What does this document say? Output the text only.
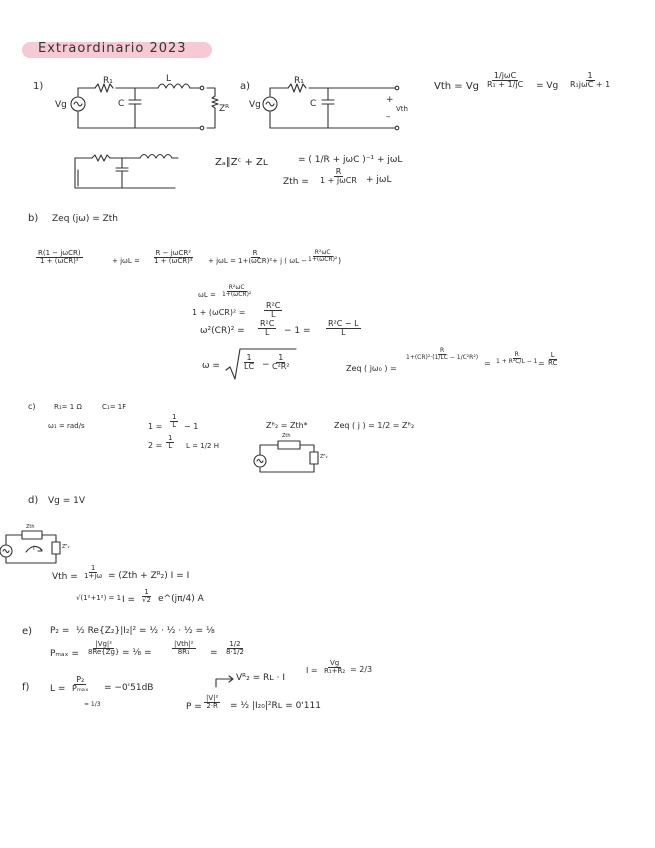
Extraordinario 2023
1)	R₁	L
C
Vg	Zᴿ
a)
Vg
R₁
C	+
Vth
–
Vth = Vg
1/jωC
R₁ + 1/jC = Vg
1
R₁jωC + 1
Zₐ∥Zᶜ + Zʟ	= ( 1/R + jωC )⁻¹ + jωL
Zth =
R
1 + jωCR + jωL
b) Zeq (jω) = Zth
R(1 − jωCR)
1 + (ωCR)²	+ jωL =
R − jωCR²
1 + (ωCR)² + jωL =
R
1+(ωCR)² + j ( ωL −
R²ωC
1+(ωCR)² )
ωL =
R²ωC
1+(ωCR)²
$1 + (\omega CR)^2 = \frac{\text{R²C}}{L}$
$\omega^2(CR)^2 = \frac{\text{R²C}}{L} - 1 = \frac{\text{R²C − L}}{L}$
ω =	$\frac{1}{LC} - \frac{1}{\text{C²R²}}$	Zeq ( jω₀ ) =
$\frac{R}{\text{1+(CR)²·(1/LC − 1/C²R²)}}$
= $\frac{R}{\text{1 + R²C/L − 1}}$
= $\frac{L}{RC}$
c)	R₁= 1 Ω	C₁= 1F
ω₁ = rad/s	$1 = \frac{1}{L} - 1$
$2 = \frac{1}{L}$ L = 1/2 H
Zᴿ₂ = Zth*	Zeq ( j ) = 1/2 = Zᴿ₂
Zth
Zᴿ₂
d) Vg = 1V
Zth
Zᴿ₂
I
Vth = $\frac{1}{1+j\omega} = (Zth$ + Zᴿ₂) I = I
√(1²+1²) = 1 $I = \frac{1}{√2}$ e^(jπ/4) A
e) P₂ = ½ Re{Z₂}|I₂|² = ½ · ½ · ½ = ⅛
$P_{max} = \frac{\text{|Vg|²}}{8Re\{Zg\}}$ = ⅛ =
|Vth|²
$8R_1 = \frac{1/2}{8\cdot 1/2}$
f) L =
P₂
Pₘₐₓ = −0'51dB
≈ 1/3
Vᴿ₂ = Rʟ · I
$I = \frac{Vg}{\text{R₁+R₂}} = 2/3$
$P = \frac{\text{|V|²}}{2\cdot R}$ = ½ |I₂₀|²Rʟ = 0'111
